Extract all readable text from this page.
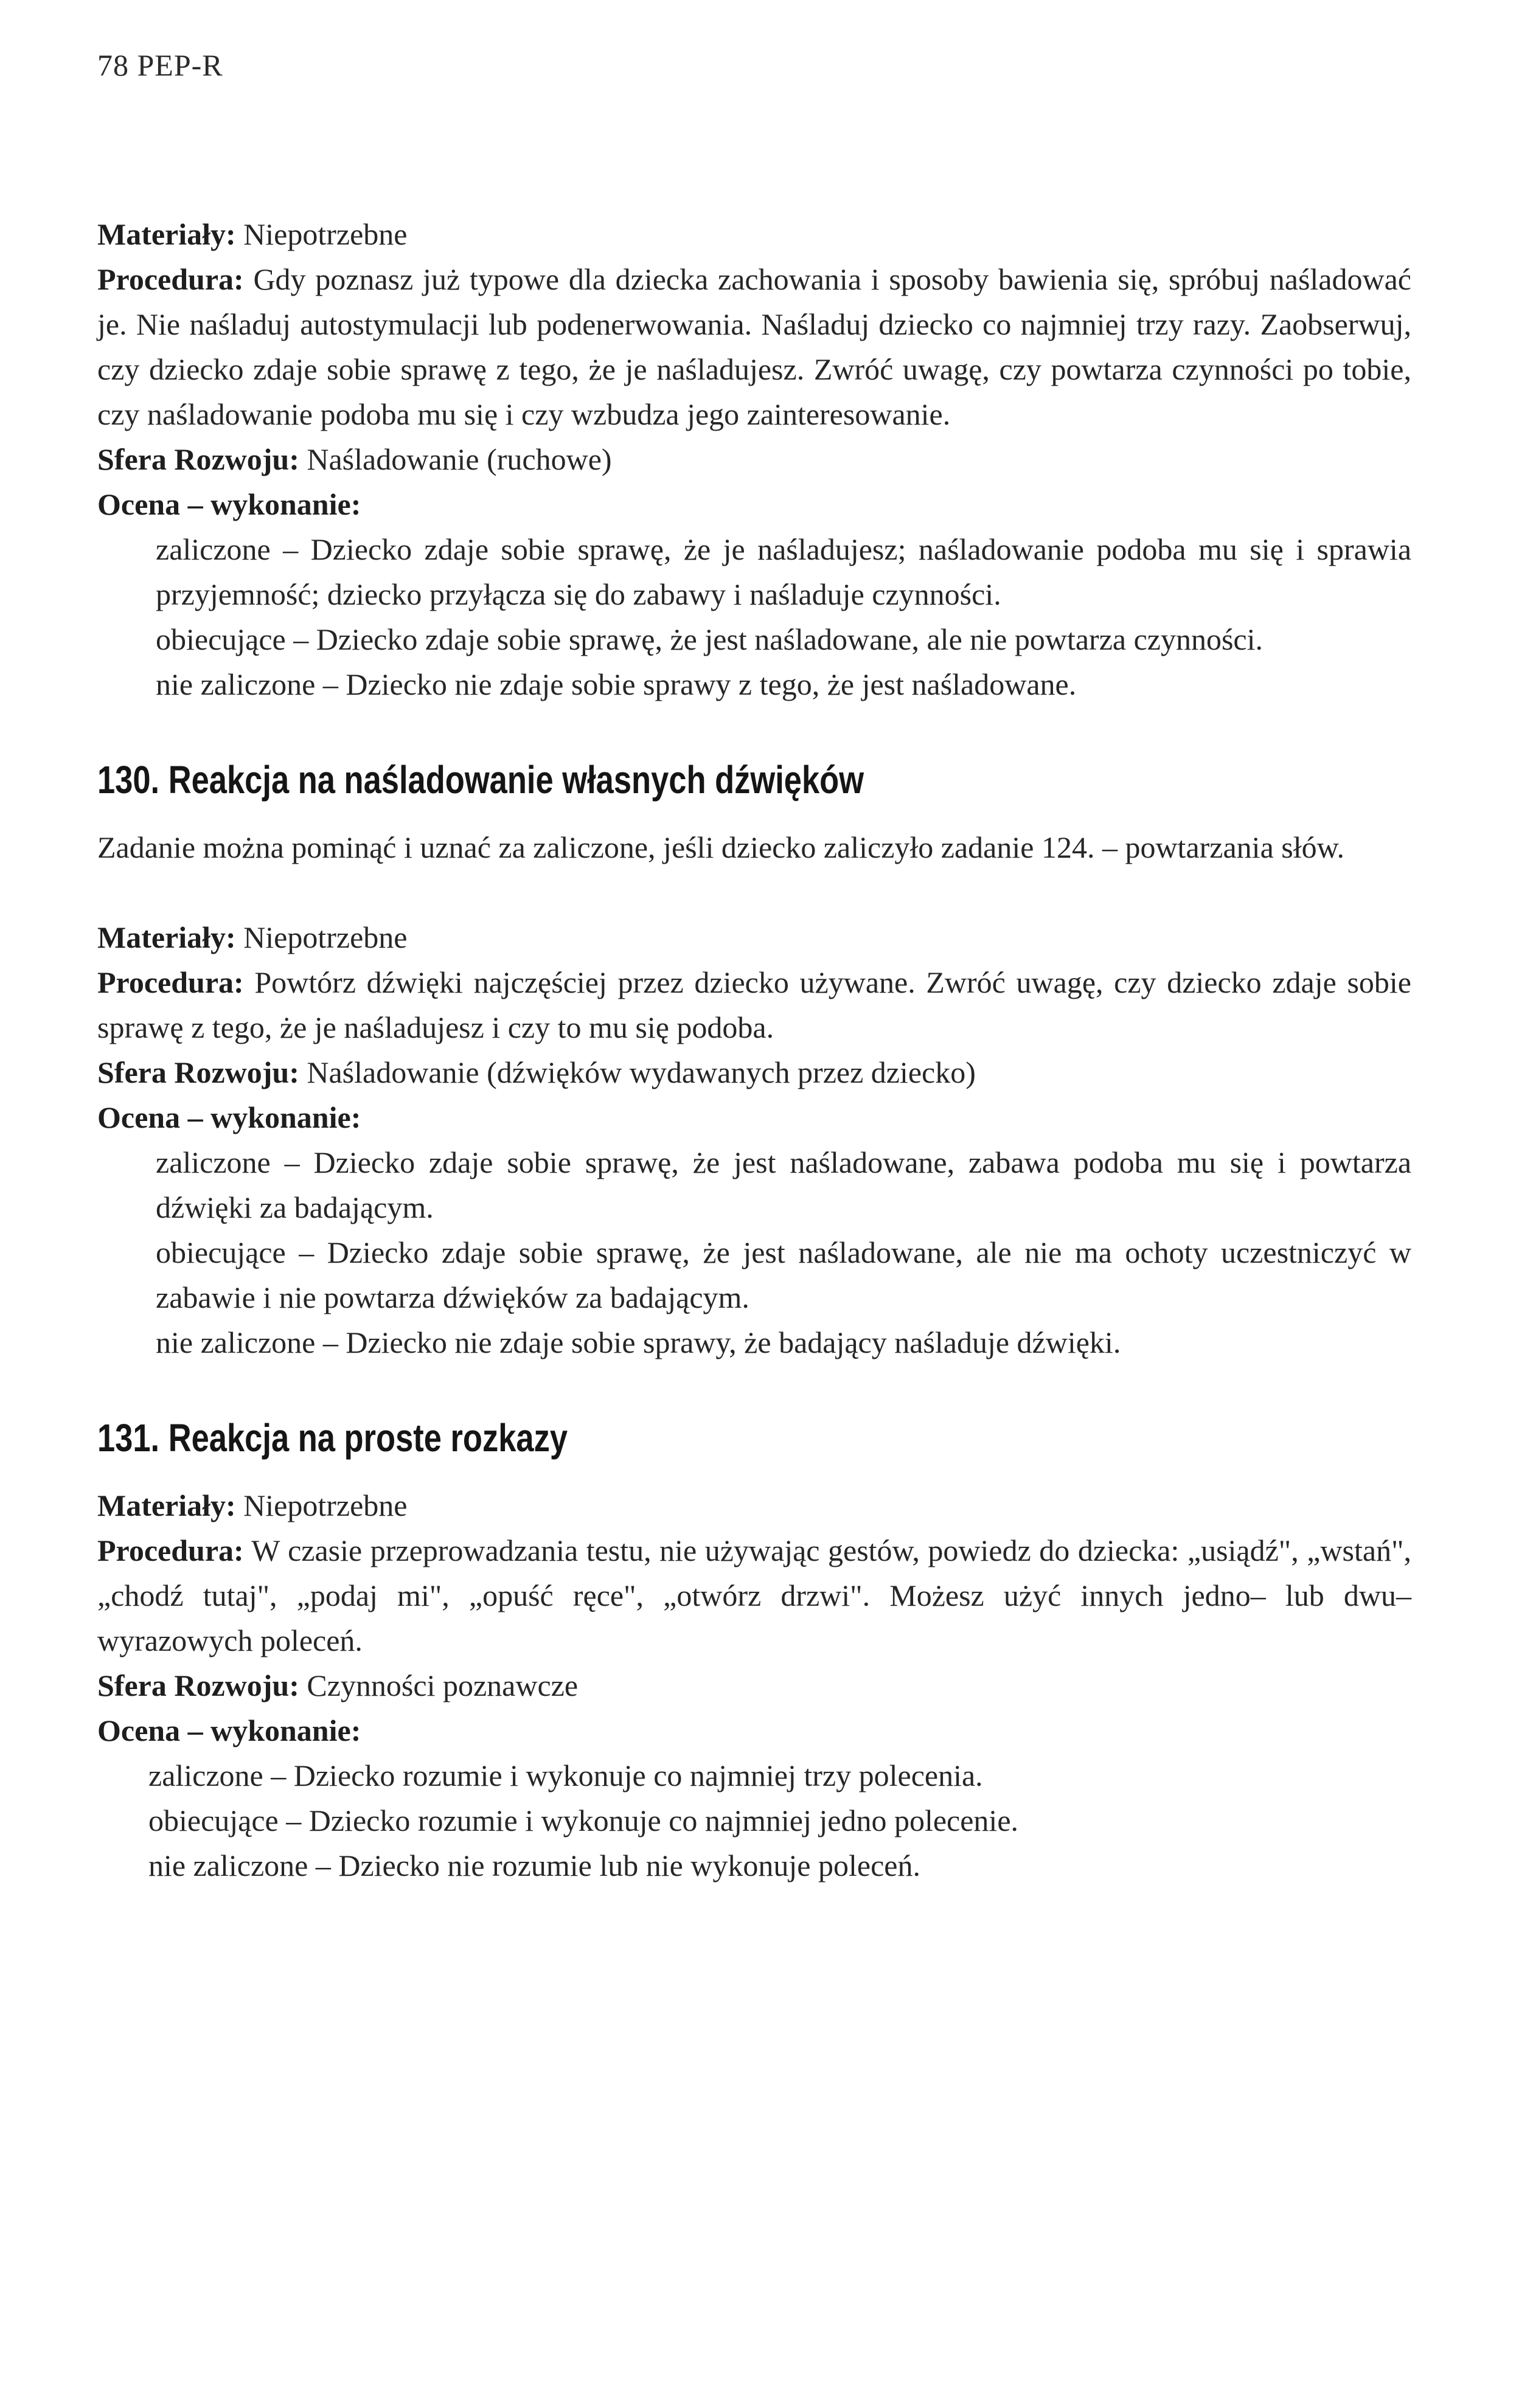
78 PEP-R

Materiały: Niepotrzebne

Procedura: Gdy poznasz już typowe dla dziecka zachowania i sposoby bawienia się, spróbuj naśladować je. Nie naśladuj autostymulacji lub podenerwowania. Naśladuj dziecko co najmniej trzy razy. Zaobserwuj, czy dziecko zdaje sobie sprawę z tego, że je naśladujesz. Zwróć uwagę, czy powtarza czynności po tobie, czy naśladowanie podoba mu się i czy wzbudza jego zainteresowanie.

Sfera Rozwoju: Naśladowanie (ruchowe)

Ocena – wykonanie:

zaliczone – Dziecko zdaje sobie sprawę, że je naśladujesz; naśladowanie podoba mu się i sprawia przyjemność; dziecko przyłącza się do zabawy i naśladuje czynności.

obiecujące – Dziecko zdaje sobie sprawę, że jest naśladowane, ale nie powtarza czynności.

nie zaliczone – Dziecko nie zdaje sobie sprawy z tego, że jest naśladowane.

130. Reakcja na naśladowanie własnych dźwięków

Zadanie można pominąć i uznać za zaliczone, jeśli dziecko zaliczyło zadanie 124. – powtarzania słów.

Materiały: Niepotrzebne

Procedura: Powtórz dźwięki najczęściej przez dziecko używane. Zwróć uwagę, czy dziecko zdaje sobie sprawę z tego, że je naśladujesz i czy to mu się podoba.

Sfera Rozwoju: Naśladowanie (dźwięków wydawanych przez dziecko)

Ocena – wykonanie:

zaliczone – Dziecko zdaje sobie sprawę, że jest naśladowane, zabawa podoba mu się i powtarza dźwięki za badającym.

obiecujące – Dziecko zdaje sobie sprawę, że jest naśladowane, ale nie ma ochoty uczestniczyć w zabawie i nie powtarza dźwięków za badającym.

nie zaliczone – Dziecko nie zdaje sobie sprawy, że badający naśladuje dźwięki.

131. Reakcja na proste rozkazy

Materiały: Niepotrzebne

Procedura: W czasie przeprowadzania testu, nie używając gestów, powiedz do dziecka: „usiądź", „wstań", „chodź tutaj", „podaj mi", „opuść ręce", „otwórz drzwi". Możesz użyć innych jedno– lub dwu–wyrazowych poleceń.

Sfera Rozwoju: Czynności poznawcze

Ocena – wykonanie:

zaliczone – Dziecko rozumie i wykonuje co najmniej trzy polecenia.

obiecujące – Dziecko rozumie i wykonuje co najmniej jedno polecenie.

nie zaliczone – Dziecko nie rozumie lub nie wykonuje poleceń.
